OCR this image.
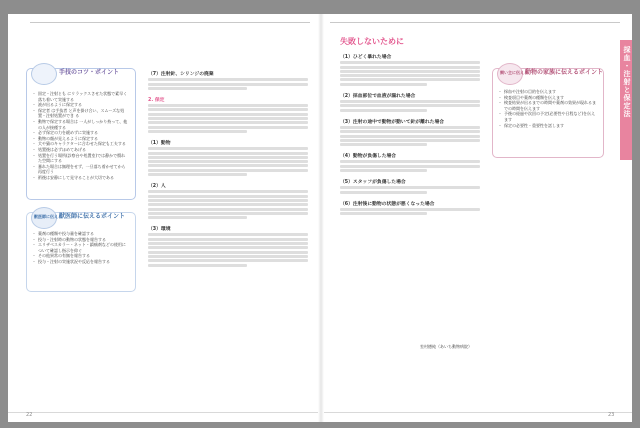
22	23
手技のコツ・ポイント
・ 固定・注射とも にリラックスさせた状態で素早く落ち着いて実施する
・ 液が出るように保定する
・ 保定者 は手技者 と声を掛け合い、スムーズな処置・注射処置ができ る
・ 動物で保定する場合は 一人がしっかり持って、他の人が接種する
・ 必ず保定の力を緩めずに実施する
・ 動物の顔が見えるように保定する
・ 犬や猫のキャラクターに合わせた保定も工夫する
・ 処置後は必ずほめてあげる
・ 処置を行う場所(診察台や処置室)では静かで慣れた空間にする
・ 暴れた場合は無理をせず、一旦落ち着かせてから再度行う
・ 術後は安静にして見守ることが大切である
獣医師に伝える
獣医師に伝えるポイント
・ 薬剤の種類や投与量を確認する
・ 投与・注射時の動物の状態を報告する
・ エリザベスカラー・ネット・鎮痛剤などの使用について確認し指示を仰ぐ
・ その他異常の有無を報告する
・ 投与・注射の実施状況や反応を報告する
（7）注射針、シリンジの廃棄
2. 保定
（1）動物
（2）人
（3）環境
失敗しないために
（1）ひどく暴れた場合
（2）採血部位で血液が漏れた場合
（3）注射の途中で動物が動いて針が離れた場合
（4）動物が負傷した場合
（5）スタッフが負傷した場合
（6）注射後に動物の状態が悪くなった場合
室村德純（あいち動物病院）
飼い主に伝える
動物の家族に伝えるポイント
・ 採血や注射の目的を伝えます
・ 検査項目や薬剤の種類を伝えます
・ 検査結果が出るまでの時間や薬剤の効果が現れるまでの時間を伝えます
・ 予後の経過や次回の予定(必要性や日程など)を伝えます
・ 保定の必要性・重要性を話します
採血・注射と保定法
